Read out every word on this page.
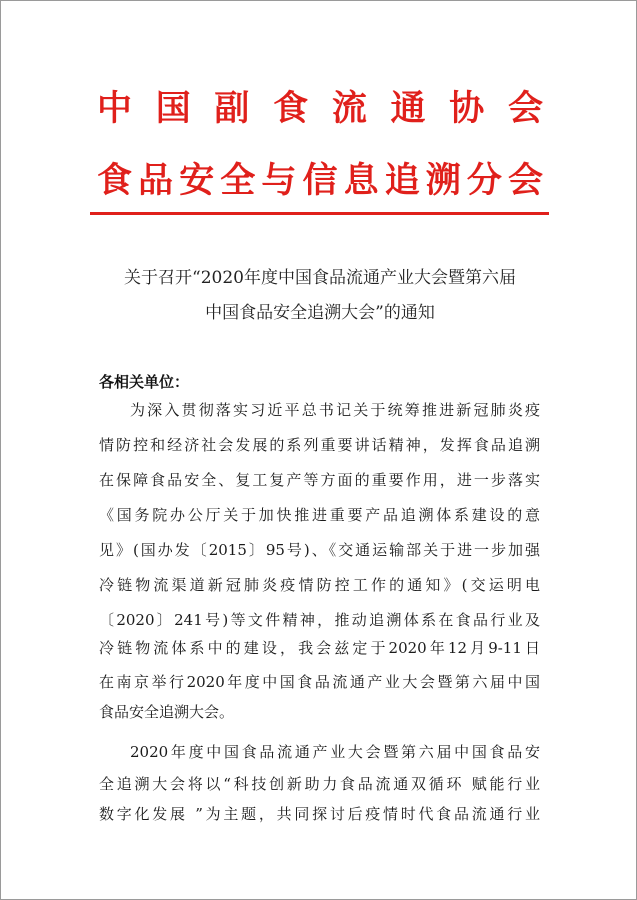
中国副食流通协会
食品安全与信息追溯分会
关于召开“2020年度中国食品流通产业大会暨第六届
中国食品安全追溯大会”的通知
各相关单位：
为深入贯彻落实习近平总书记关于统筹推进新冠肺炎疫
情防控和经济社会发展的系列重要讲话精神，发挥食品追溯
在保障食品安全、复工复产等方面的重要作用，进一步落实
《国务院办公厅关于加快推进重要产品追溯体系建设的意
见》(国办发〔2015〕95号)、《交通运输部关于进一步加强
冷链物流渠道新冠肺炎疫情防控工作的通知》(交运明电
〔2020〕241号)等文件精神，推动追溯体系在食品行业及
冷链物流体系中的建设，我会兹定于2020年12月9-11日
在南京举行2020年度中国食品流通产业大会暨第六届中国
食品安全追溯大会。
2020年度中国食品流通产业大会暨第六届中国食品安
全追溯大会将以“科技创新助力食品流通双循环 赋能行业
数字化发展 ”为主题，共同探讨后疫情时代食品流通行业
